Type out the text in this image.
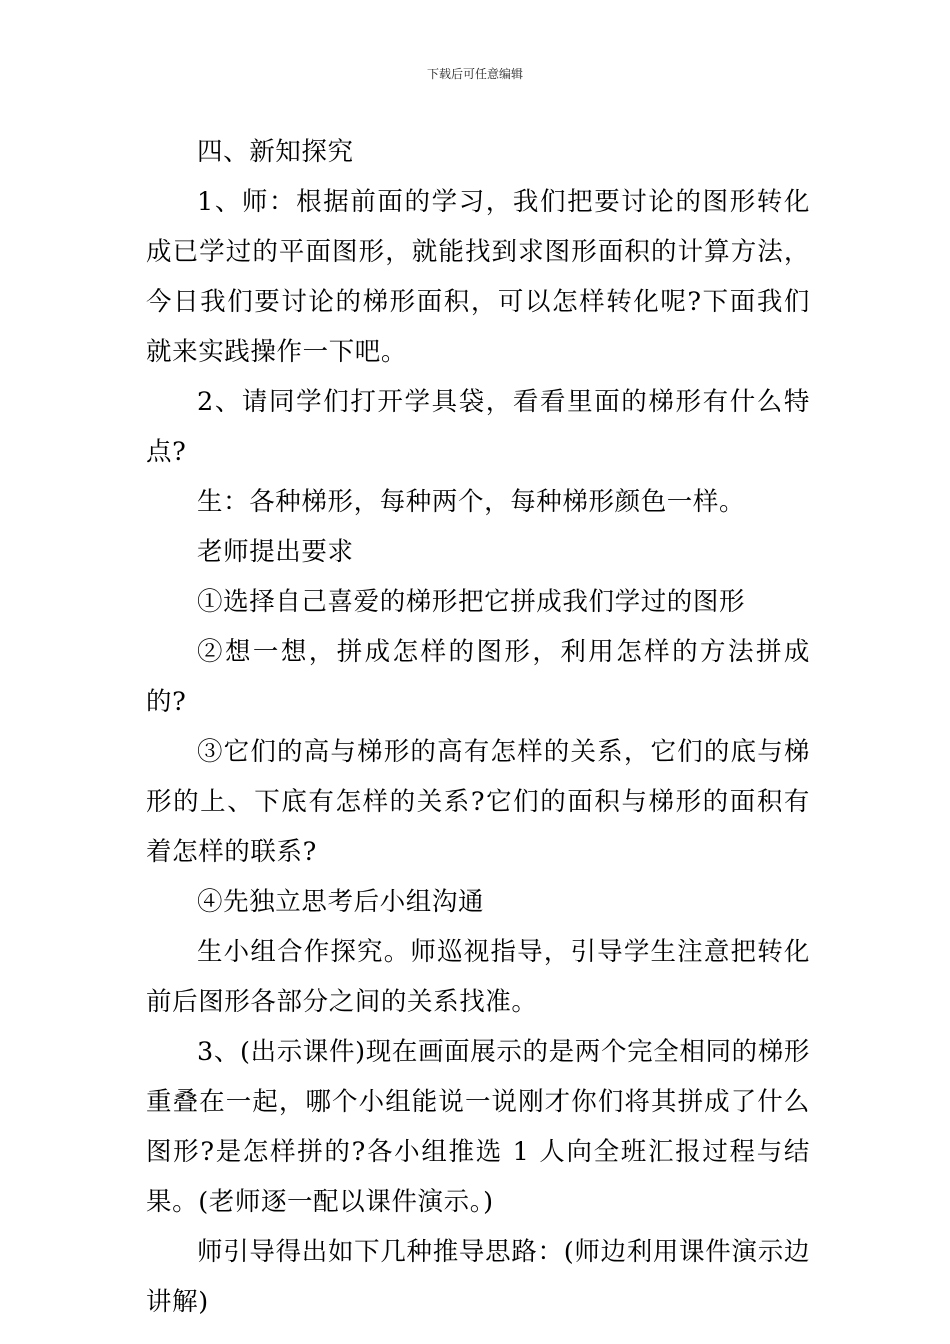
下载后可任意编辑

四、新知探究

1、师：根据前面的学习，我们把要讨论的图形转化成已学过的平面图形，就能找到求图形面积的计算方法，今日我们要讨论的梯形面积，可以怎样转化呢?下面我们就来实践操作一下吧。

2、请同学们打开学具袋，看看里面的梯形有什么特点?

生：各种梯形，每种两个，每种梯形颜色一样。

老师提出要求

①选择自己喜爱的梯形把它拼成我们学过的图形

②想一想，拼成怎样的图形，利用怎样的方法拼成的?

③它们的高与梯形的高有怎样的关系，它们的底与梯形的上、下底有怎样的关系?它们的面积与梯形的面积有着怎样的联系?

④先独立思考后小组沟通

生小组合作探究。师巡视指导，引导学生注意把转化前后图形各部分之间的关系找准。

3、(出示课件)现在画面展示的是两个完全相同的梯形重叠在一起，哪个小组能说一说刚才你们将其拼成了什么图形?是怎样拼的?各小组推选 1 人向全班汇报过程与结果。(老师逐一配以课件演示。)

师引导得出如下几种推导思路：(师边利用课件演示边讲解)
